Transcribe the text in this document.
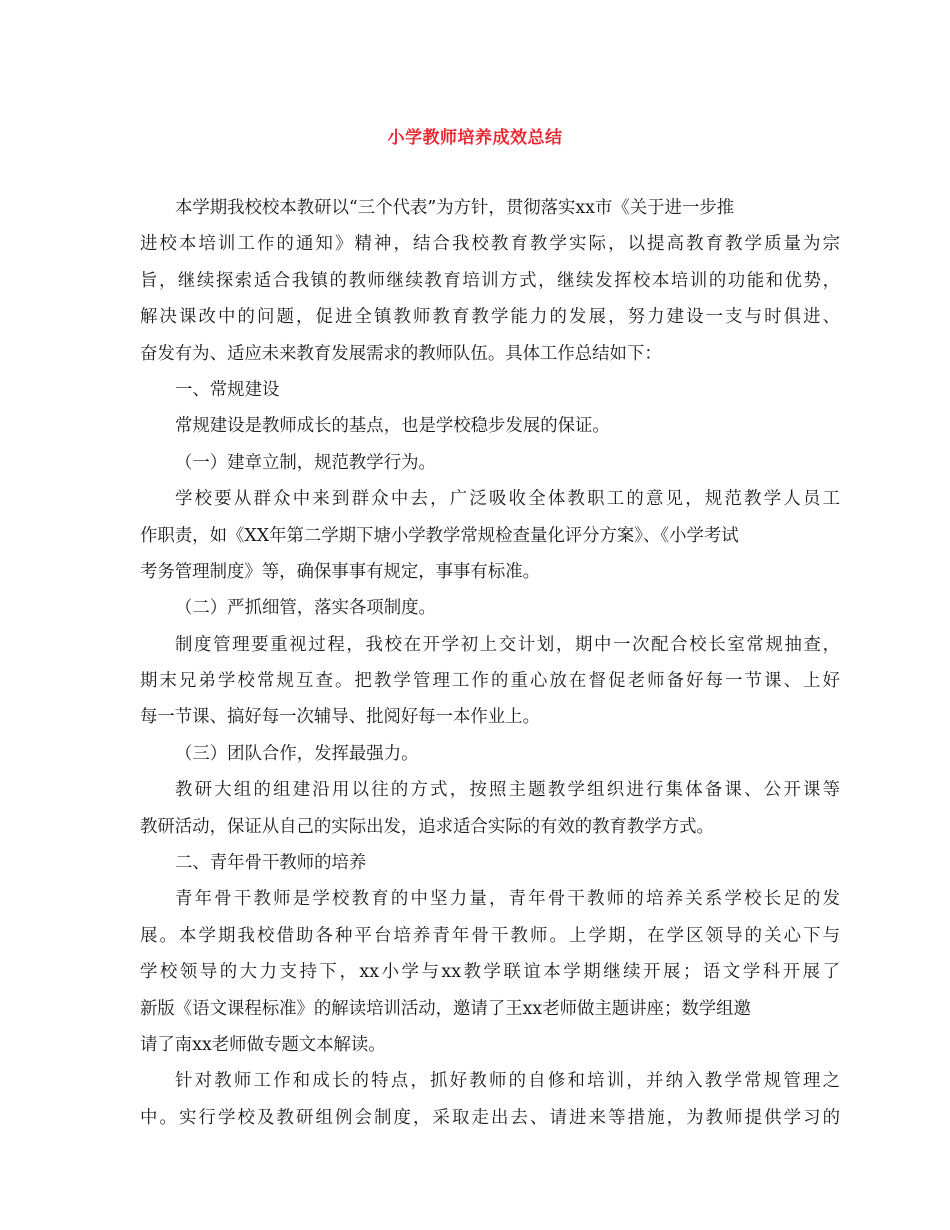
小学教师培养成效总结
本学期我校校本教研以“三个代表”为方针，贯彻落实xx市《关于进一步推
进校本培训工作的通知》精神，结合我校教育教学实际，以提高教育教学质量为宗
旨，继续探索适合我镇的教师继续教育培训方式，继续发挥校本培训的功能和优势，
解决课改中的问题，促进全镇教师教育教学能力的发展，努力建设一支与时俱进、
奋发有为、适应未来教育发展需求的教师队伍。具体工作总结如下：
一、常规建设
常规建设是教师成长的基点，也是学校稳步发展的保证。
（一）建章立制，规范教学行为。
学校要从群众中来到群众中去，广泛吸收全体教职工的意见，规范教学人员工
作职责，如《XX年第二学期下塘小学教学常规检查量化评分方案》、《小学考试
考务管理制度》等，确保事事有规定，事事有标准。
（二）严抓细管，落实各项制度。
制度管理要重视过程，我校在开学初上交计划，期中一次配合校长室常规抽查，
期末兄弟学校常规互查。把教学管理工作的重心放在督促老师备好每一节课、上好
每一节课、搞好每一次辅导、批阅好每一本作业上。
（三）团队合作，发挥最强力。
教研大组的组建沿用以往的方式，按照主题教学组织进行集体备课、公开课等
教研活动，保证从自己的实际出发，追求适合实际的有效的教育教学方式。
二、青年骨干教师的培养
青年骨干教师是学校教育的中坚力量，青年骨干教师的培养关系学校长足的发
展。本学期我校借助各种平台培养青年骨干教师。上学期，在学区领导的关心下与
学校领导的大力支持下，xx小学与xx教学联谊本学期继续开展；语文学科开展了
新版《语文课程标准》的解读培训活动，邀请了王xx老师做主题讲座；数学组邀
请了南xx老师做专题文本解读。
针对教师工作和成长的特点，抓好教师的自修和培训，并纳入教学常规管理之
中。实行学校及教研组例会制度，采取走出去、请进来等措施，为教师提供学习的
